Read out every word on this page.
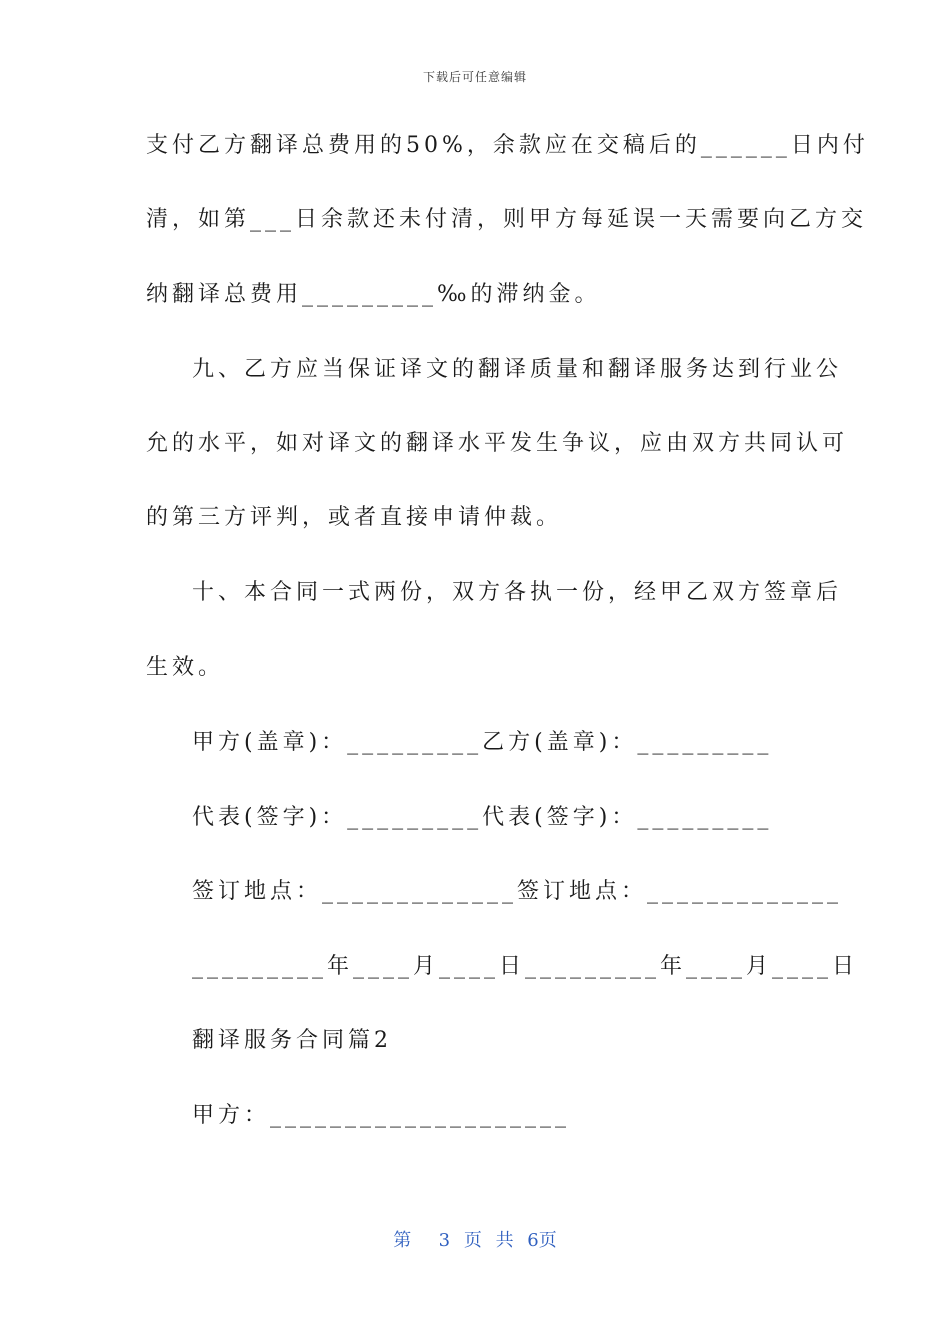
下载后可任意编辑
支付乙方翻译总费用的50%，余款应在交稿后的______日内付
清，如第___日余款还未付清，则甲方每延误一天需要向乙方交
纳翻译总费用_________‰的滞纳金。
九、乙方应当保证译文的翻译质量和翻译服务达到行业公
允的水平，如对译文的翻译水平发生争议，应由双方共同认可
的第三方评判，或者直接申请仲裁。
十、本合同一式两份，双方各执一份，经甲乙双方签章后
生效。
甲方(盖章)：_________乙方(盖章)：_________
代表(签字)：_________代表(签字)：_________
签订地点：_____________签订地点：_____________
_________年____月____日_________年____月____日
翻译服务合同篇2
甲方：____________________
第  3 页 共 6页
